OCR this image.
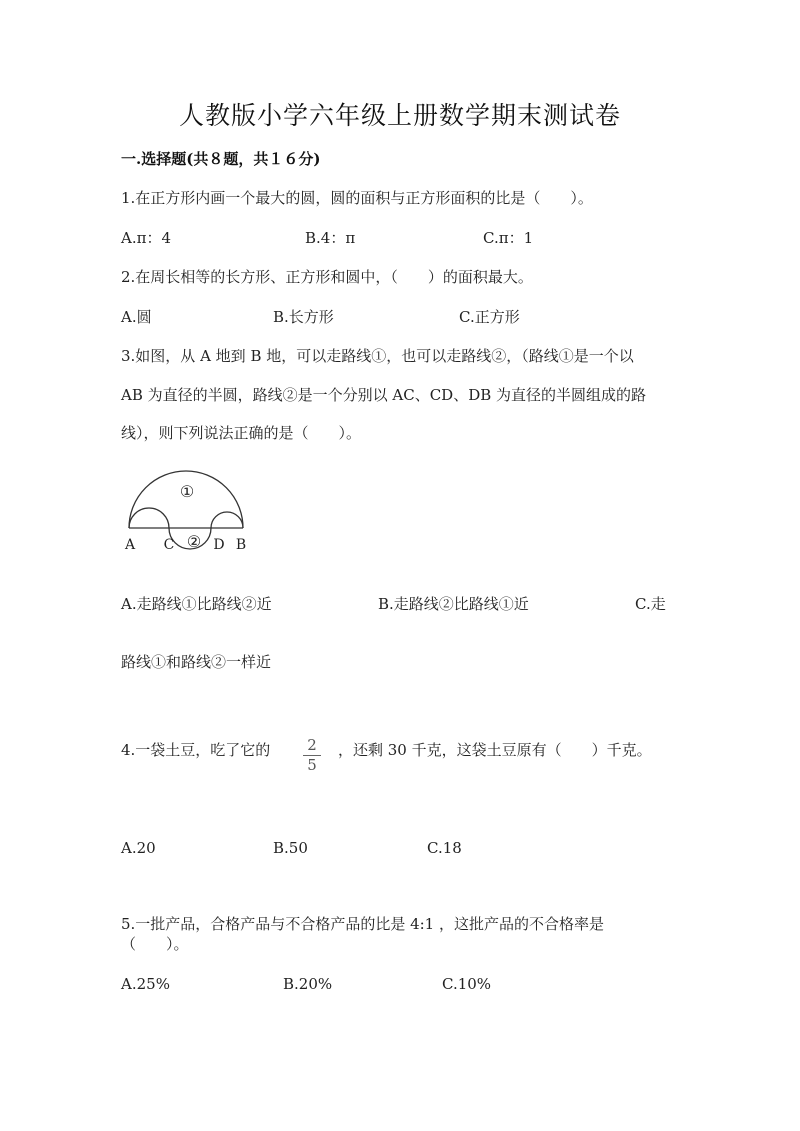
人教版小学六年级上册数学期末测试卷
一.选择题(共８题，共１６分)
1.在正方形内画一个最大的圆，圆的面积与正方形面积的比是（　　）。
A.π：4	B.4：π	C.π：1
2.在周长相等的长方形、正方形和圆中，（　　）的面积最大。
A.圆	B.长方形	C.正方形
3.如图，从 A 地到 B 地，可以走路线①，也可以走路线②，（路线①是一个以
AB 为直径的半圆，路线②是一个分别以 AC、CD、DB 为直径的半圆组成的路
线），则下列说法正确的是（　　）。
①
②
A C	D B
A.走路线①比路线②近	B.走路线②比路线①近	C.走
路线①和路线②一样近
4.一袋土豆，吃了它的	2
5
，还剩 30 千克，这袋土豆原有（　　）千克。
A.20	B.50	C.18
5.一批产品，合格产品与不合格产品的比是 4:1 ，这批产品的不合格率是
（　　）。
A.25%	B.20%	C.10%
